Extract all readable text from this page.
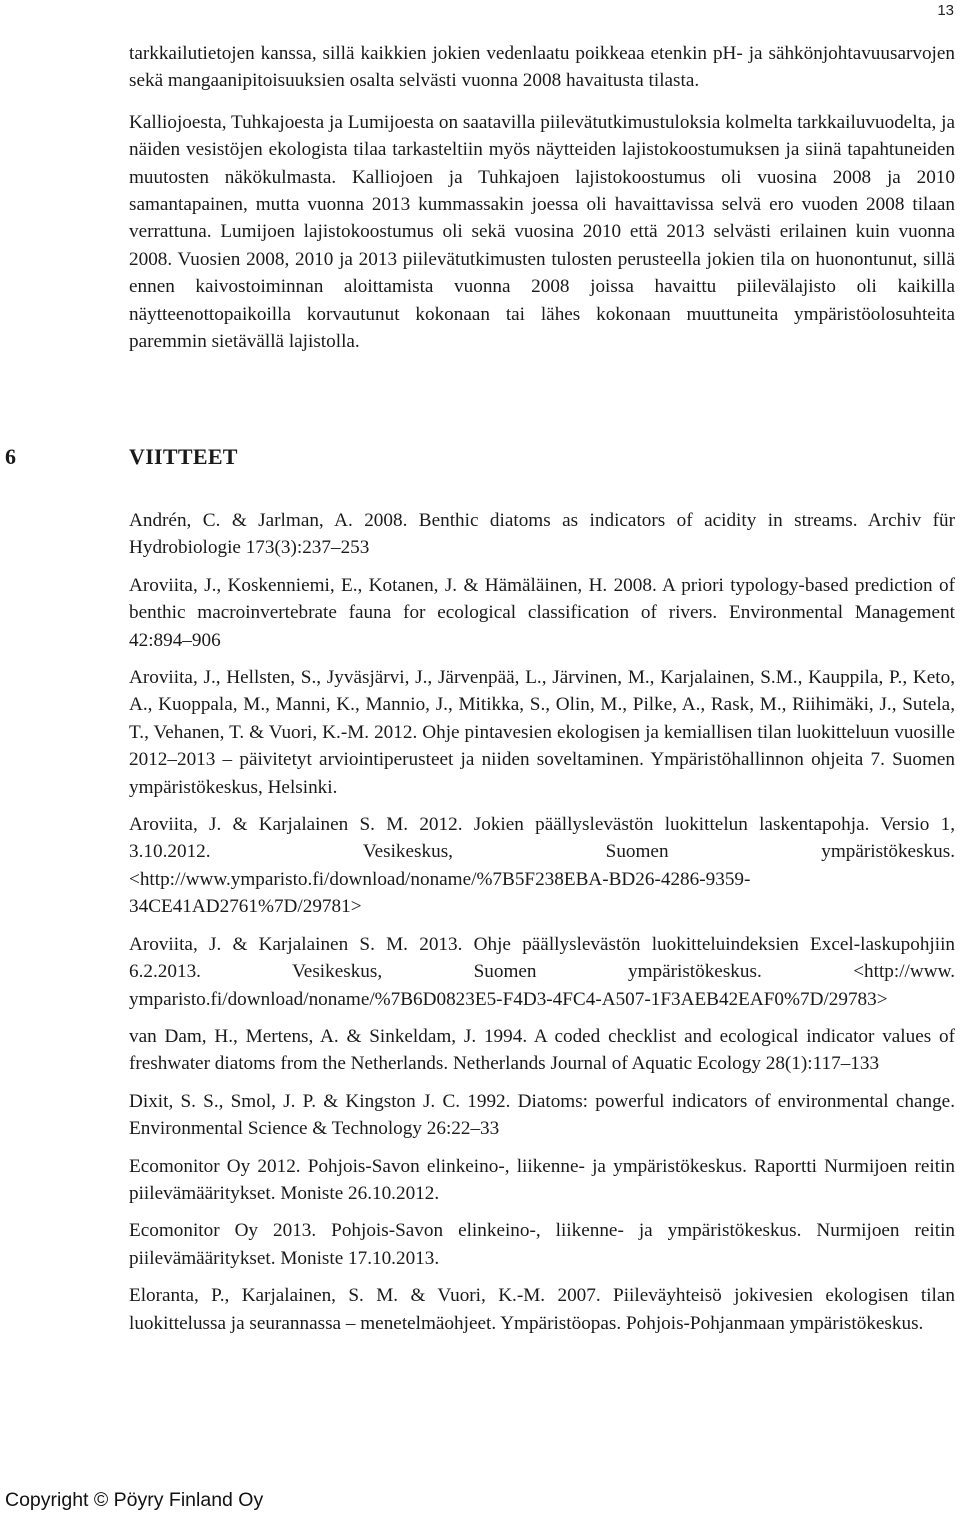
13

tarkkailutietojen kanssa, sillä kaikkien jokien vedenlaatu poikkeaa etenkin pH- ja sähkönjohtavuusarvojen sekä mangaanipitoisuuksien osalta selvästi vuonna 2008 havaitusta tilasta.

Kalliojoesta, Tuhkajoesta ja Lumijoesta on saatavilla piilevätutkimustuloksia kolmelta tarkkailuvuodelta, ja näiden vesistöjen ekologista tilaa tarkasteltiin myös näytteiden lajistokoostumuksen ja siinä tapahtuneiden muutosten näkökulmasta. Kalliojoen ja Tuhkajoen lajistokoostumus oli vuosina 2008 ja 2010 samantapainen, mutta vuonna 2013 kummassakin joessa oli havaittavissa selvä ero vuoden 2008 tilaan verrattuna. Lumijoen lajistokoostumus oli sekä vuosina 2010 että 2013 selvästi erilainen kuin vuonna 2008. Vuosien 2008, 2010 ja 2013 piilevätutkimusten tulosten perusteella jokien tila on huonontunut, sillä ennen kaivostoiminnan aloittamista vuonna 2008 joissa havaittu piilevälajisto oli kaikilla näytteenottopaikoilla korvautunut kokonaan tai lähes kokonaan muuttuneita ympäristöolosuhteita paremmin sietävällä lajistolla.

6	VIITTEET

Andrén, C. & Jarlman, A. 2008. Benthic diatoms as indicators of acidity in streams. Archiv für Hydrobiologie 173(3):237–253

Aroviita, J., Koskenniemi, E., Kotanen, J. & Hämäläinen, H. 2008. A priori typology-based prediction of benthic macroinvertebrate fauna for ecological classification of rivers. Environmental Management 42:894–906

Aroviita, J., Hellsten, S., Jyväsjärvi, J., Järvenpää, L., Järvinen, M., Karjalainen, S.M., Kauppila, P., Keto, A., Kuoppala, M., Manni, K., Mannio, J., Mitikka, S., Olin, M., Pilke, A., Rask, M., Riihimäki, J., Sutela, T., Vehanen, T. & Vuori, K.-M. 2012. Ohje pintavesien ekologisen ja kemiallisen tilan luokitteluun vuosille 2012–2013 – päivitetyt arviointiperusteet ja niiden soveltaminen. Ympäristöhallinnon ohjeita 7. Suomen ympäristökeskus, Helsinki.

Aroviita, J. & Karjalainen S. M. 2012. Jokien päällyslevästön luokittelun laskentapohja. Versio 1, 3.10.2012. Vesikeskus, Suomen ympäristökeskus. <http://www.ymparisto.fi/download/noname/%7B5F238EBA-BD26-4286-9359-34CE41AD2761%7D/29781>

Aroviita, J. & Karjalainen S. M. 2013. Ohje päällyslevästön luokitteluindeksien Excel-laskupohjiin 6.2.2013. Vesikeskus, Suomen ympäristökeskus. <http://www. ymparisto.fi/download/noname/%7B6D0823E5-F4D3-4FC4-A507-1F3AEB42EAF0%7D/29783>

van Dam, H., Mertens, A. & Sinkeldam, J. 1994. A coded checklist and ecological indicator values of freshwater diatoms from the Netherlands. Netherlands Journal of Aquatic Ecology 28(1):117–133

Dixit, S. S., Smol, J. P. & Kingston J. C. 1992. Diatoms: powerful indicators of environmental change. Environmental Science & Technology 26:22–33

Ecomonitor Oy 2012. Pohjois-Savon elinkeino-, liikenne- ja ympäristökeskus. Raportti Nurmijoen reitin piilevämääritykset. Moniste 26.10.2012.

Ecomonitor Oy 2013. Pohjois-Savon elinkeino-, liikenne- ja ympäristökeskus. Nurmijoen reitin piilevämääritykset. Moniste 17.10.2013.

Eloranta, P., Karjalainen, S. M. & Vuori, K.-M. 2007. Piileväyhteisö jokivesien ekologisen tilan luokittelussa ja seurannassa – menetelmäohjeet. Ympäristöopas. Pohjois-Pohjanmaan ympäristökeskus.

Copyright © Pöyry Finland Oy
